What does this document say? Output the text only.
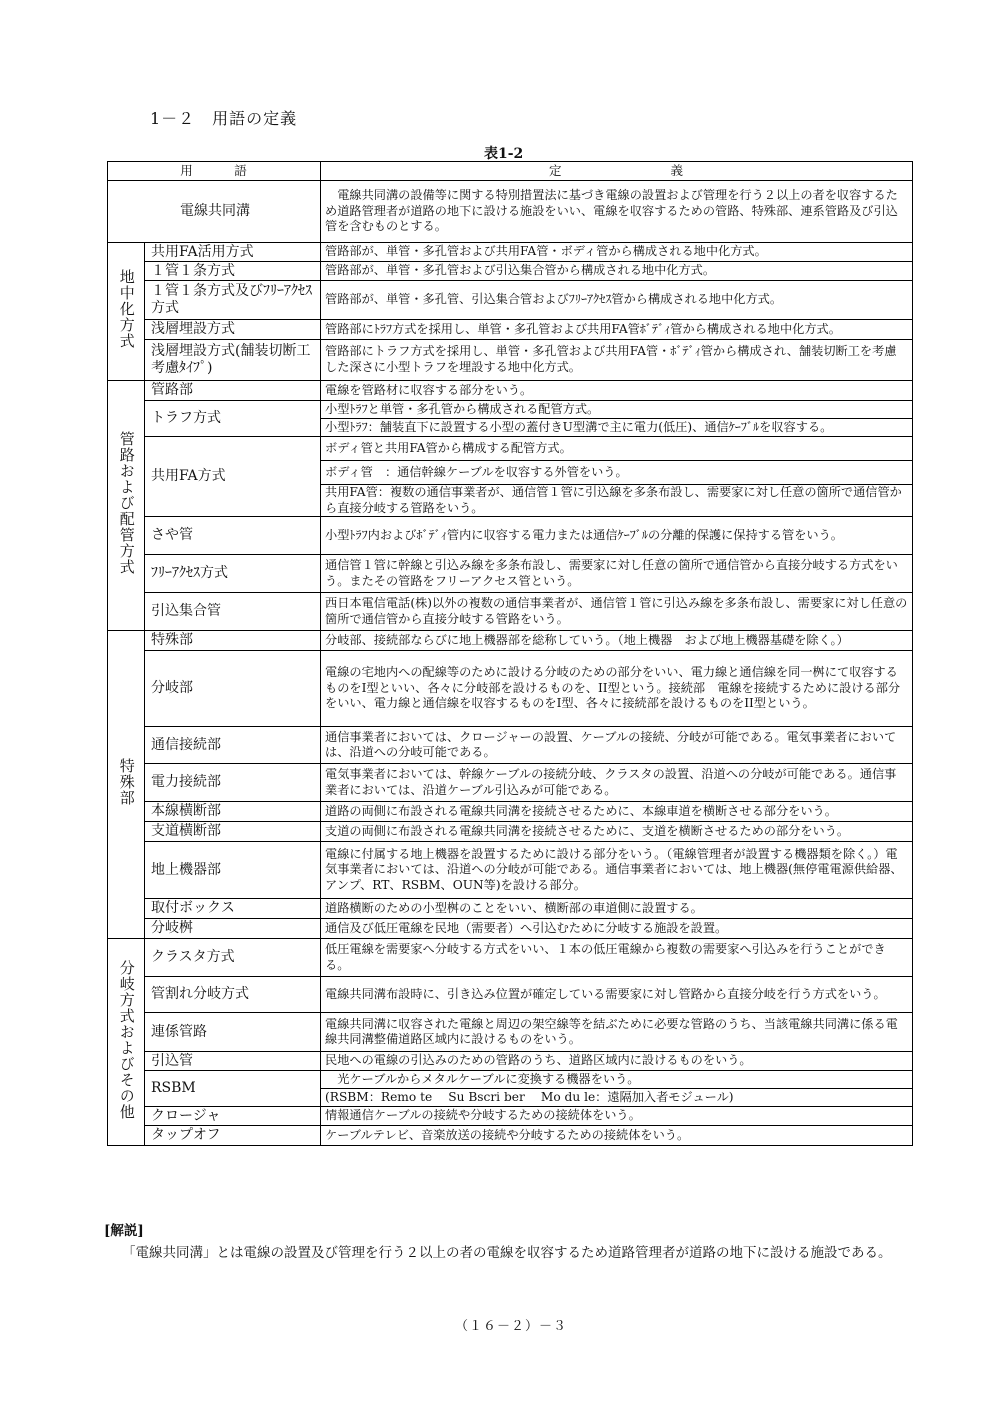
1－２　用語の定義
表1-2
用　　　語		定　　　　　　　　義
電線共同溝		　電線共同溝の設備等に関する特別措置法に基づき電線の設置および管理を行う２以上の者を収容するため道路管理者が道路の地下に設ける施設をいい、電線を収容するための管路、特殊部、連系管路及び引込管を含むものとする。
地中化方式	共用FA活用方式	管路部が、単管・多孔管および共用FA管・ボディ管から構成される地中化方式。
	１管１条方式	管路部が、単管・多孔管および引込集合管から構成される地中化方式。
	１管１条方式及びﾌﾘｰｱｸｾｽ方式	管路部が、単管・多孔管、引込集合管およびﾌﾘｰｱｸｾｽ管から構成される地中化方式。
	浅層埋設方式	管路部にﾄﾗﾌ方式を採用し、単管・多孔管および共用FA管ﾎﾞﾃﾞｨ管から構成される地中化方式。
	浅層埋設方式(舗装切断工考慮ﾀｲﾌﾟ)	管路部にトラフ方式を採用し、単管・多孔管および共用FA管・ﾎﾞﾃﾞｨ管から構成され、舗装切断工を考慮した深さに小型トラフを埋設する地中化方式。
管路および配管方式	管路部	電線を管路材に収容する部分をいう。
	トラフ方式	小型ﾄﾗﾌと単管・多孔管から構成される配管方式。
		小型ﾄﾗﾌ：舗装直下に設置する小型の蓋付きU型溝で主に電力(低圧)、通信ｹｰﾌﾞﾙを収容する。
	共用FA方式	ボディ管と共用FA管から構成する配管方式。
		ボディ管　：通信幹線ケーブルを収容する外管をいう。
		共用FA管：複数の通信事業者が、通信管１管に引込線を多条布設し、需要家に対し任意の箇所で通信管から直接分岐する管路をいう。
	さや管	小型ﾄﾗﾌ内およびﾎﾞﾃﾞｨ管内に収容する電力または通信ｹｰﾌﾞﾙの分離的保護に保持する管をいう。
	ﾌﾘｰｱｸｾｽ方式	通信管１管に幹線と引込み線を多条布設し、需要家に対し任意の箇所で通信管から直接分岐する方式をいう。またその管路をフリーアクセス管という。
	引込集合管	西日本電信電話(株)以外の複数の通信事業者が、通信管１管に引込み線を多条布設し、需要家に対し任意の箇所で通信管から直接分岐する管路をいう。
特殊部	特殊部	分岐部、接続部ならびに地上機器部を総称していう。（地上機器　および地上機器基礎を除く。）
	分岐部	電線の宅地内への配線等のために設ける分岐のための部分をいい、電力線と通信線を同一桝にて収容するものをI型といい、各々に分岐部を設けるものを、II型という。接続部　電線を接続するために設ける部分をいい、電力線と通信線を収容するものをI型、各々に接続部を設けるものをII型という。
	通信接続部	通信事業者においては、クロージャーの設置、ケーブルの接続、分岐が可能である。電気事業者においては、沿道への分岐可能である。
	電力接続部	電気事業者においては、幹線ケーブルの接続分岐、クラスタの設置、沿道への分岐が可能である。通信事業者においては、沿道ケーブル引込みが可能である。
	本線横断部	道路の両側に布設される電線共同溝を接続させるために、本線車道を横断させる部分をいう。
	支道横断部	支道の両側に布設される電線共同溝を接続させるために、支道を横断させるための部分をいう。
	地上機器部	電線に付属する地上機器を設置するために設ける部分をいう。（電線管理者が設置する機器類を除く。）電気事業者においては、沿道への分岐が可能である。通信事業者においては、地上機器(無停電電源供給器、アンプ、RT、RSBM、OUN等)を設ける部分。
	取付ボックス	道路横断のための小型桝のことをいい、横断部の車道側に設置する。
	分岐桝	通信及び低圧電線を民地（需要者）へ引込むために分岐する施設を設置。
分岐方式およびその他	クラスタ方式	低圧電線を需要家へ分岐する方式をいい、１本の低圧電線から複数の需要家へ引込みを行うことができる。
	管割れ分岐方式	電線共同溝布設時に、引き込み位置が確定している需要家に対し管路から直接分岐を行う方式をいう。
	連係管路	電線共同溝に収容された電線と周辺の架空線等を結ぶために必要な管路のうち、当該電線共同溝に係る電線共同溝整備道路区域内に設けるものをいう。
	引込管	民地への電線の引込みのための管路のうち、道路区域内に設けるものをいう。
	RSBM	　光ケーブルからメタルケーブルに変換する機器をいう。
		(RSBM：Remo te　 Su Bscri ber　 Mo du le：遠隔加入者モジュール)
	クロージャ	情報通信ケーブルの接続や分岐するための接続体をいう。
	タップオフ	ケーブルテレビ、音楽放送の接続や分岐するための接続体をいう。
[解説]
「電線共同溝」とは電線の設置及び管理を行う２以上の者の電線を収容するため道路管理者が道路の地下に設ける施設である。
（１６－２）－３
